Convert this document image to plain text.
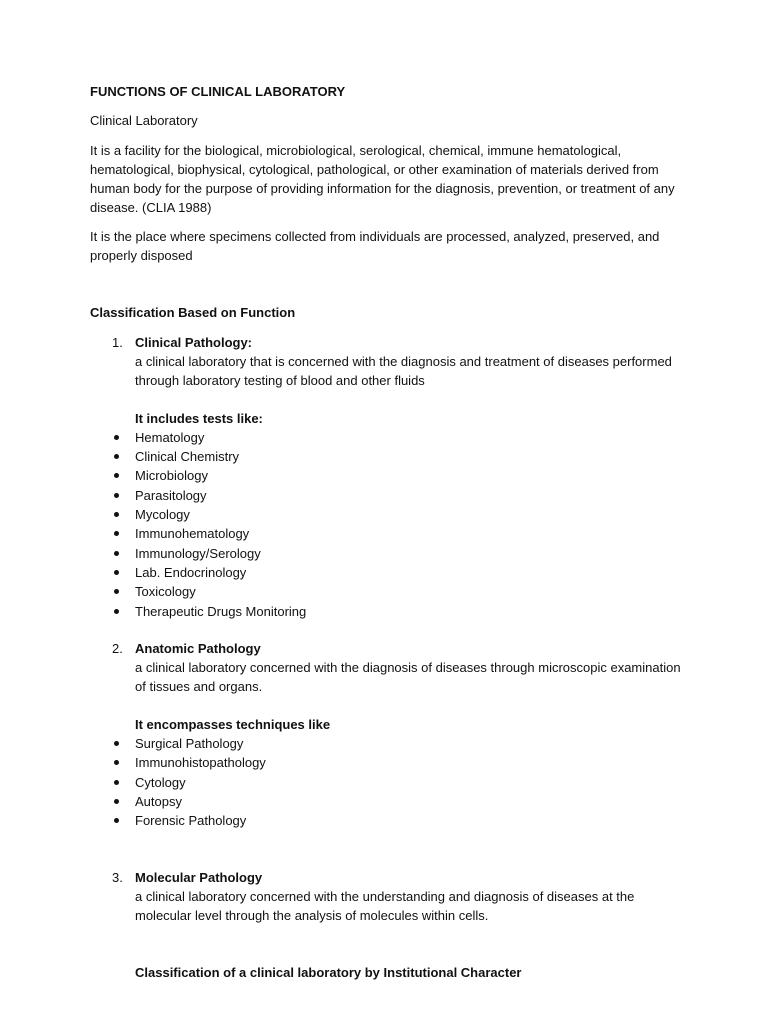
FUNCTIONS OF CLINICAL LABORATORY

Clinical Laboratory

It is a facility for the biological, microbiological, serological, chemical, immune hematological, hematological, biophysical, cytological, pathological, or other examination of materials derived from human body for the purpose of providing information for the diagnosis, prevention, or treatment of any disease. (CLIA 1988)

It is the place where specimens collected from individuals are processed, analyzed, preserved, and properly disposed

Classification Based on Function

1. Clinical Pathology:

a clinical laboratory that is concerned with the diagnosis and treatment of diseases performed through laboratory testing of blood and other fluids

It includes tests like:

Hematology
Clinical Chemistry
Microbiology
Parasitology
Mycology
Immunohematology
Immunology/Serology
Lab. Endocrinology
Toxicology
Therapeutic Drugs Monitoring
2. Anatomic Pathology

a clinical laboratory concerned with the diagnosis of diseases through microscopic examination of tissues and organs.

It encompasses techniques like

Surgical Pathology
Immunohistopathology
Cytology
Autopsy
Forensic Pathology
3. Molecular Pathology

a clinical laboratory concerned with the understanding and diagnosis of diseases at the molecular level through the analysis of molecules within cells.

Classification of a clinical laboratory by Institutional Character
